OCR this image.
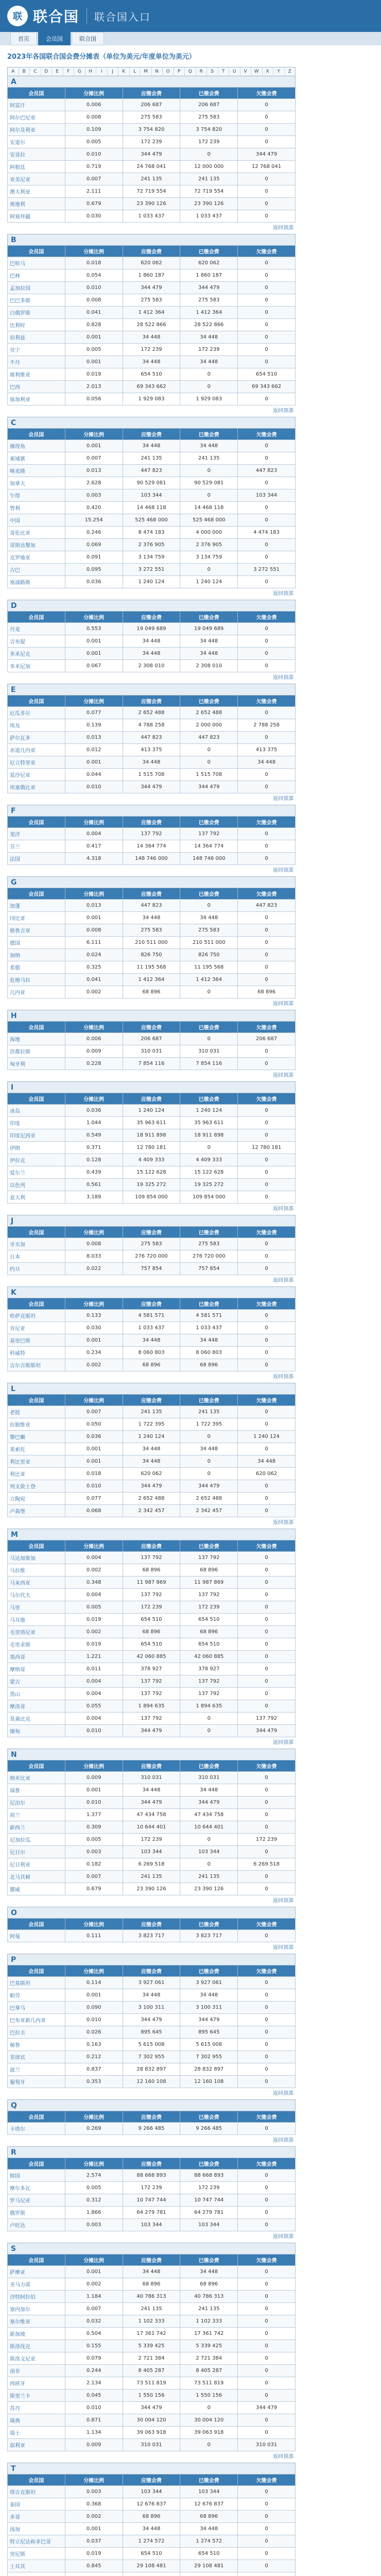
联 联合国 联合国入口
首页	会员国	联合国
2023年各国联合国会费分摊表（单位为美元/年度单位为美元）
A	B	C	D	E	F	G	H	I	J	K	L	M	N	O	P	Q	R	S	T	U	V	W	X	Y	Z
A
会员国	分摊比例	应缴会费	已缴会费	欠缴会费
阿富汗	0.006	206 687	206 687	0
阿尔巴尼亚	0.008	275 583	275 583	0
阿尔及利亚	0.109	3 754 820	3 754 820	0
安道尔	0.005	172 239	172 239	0
安哥拉	0.010	344 479	0	344 479
阿根廷	0.719	24 768 041	12 000 000	12 768 041
亚美尼亚	0.007	241 135	241 135	0
澳大利亚	2.111	72 719 554	72 719 554	0
奥地利	0.679	23 390 126	23 390 126	0
阿塞拜疆	0.030	1 033 437	1 033 437	0
返回顶部
B
会员国	分摊比例	应缴会费	已缴会费	欠缴会费
巴哈马	0.018	620 062	620 062	0
巴林	0.054	1 860 187	1 860 187	0
孟加拉国	0.010	344 479	344 479	0
巴巴多斯	0.008	275 583	275 583	0
白俄罗斯	0.041	1 412 364	1 412 364	0
比利时	0.828	28 522 866	28 522 866	0
伯利兹	0.001	34 448	34 448	0
贝宁	0.005	172 239	172 239	0
不丹	0.001	34 448	34 448	0
玻利维亚	0.019	654 510	0	654 510
巴西	2.013	69 343 662	0	69 343 662
保加利亚	0.056	1 929 083	1 929 083	0
返回顶部
C
会员国	分摊比例	应缴会费	已缴会费	欠缴会费
佛得角	0.001	34 448	34 448	0
柬埔寨	0.007	241 135	241 135	0
喀麦隆	0.013	447 823	0	447 823
加拿大	2.628	90 529 081	90 529 081	0
乍得	0.003	103 344	0	103 344
智利	0.420	14 468 118	14 468 118	0
中国	15.254	525 468 000	525 468 000	0
哥伦比亚	0.246	8 474 183	4 000 000	4 474 183
哥斯达黎加	0.069	2 376 905	2 376 905	0
克罗地亚	0.091	3 134 759	3 134 759	0
古巴	0.095	3 272 551	0	3 272 551
塞浦路斯	0.036	1 240 124	1 240 124	0
返回顶部
D
会员国	分摊比例	应缴会费	已缴会费	欠缴会费
丹麦	0.553	19 049 689	19 049 689	0
吉布提	0.001	34 448	34 448	0
多米尼克	0.001	34 448	34 448	0
多米尼加	0.067	2 308 010	2 308 010	0
返回顶部
E
会员国	分摊比例	应缴会费	已缴会费	欠缴会费
厄瓜多尔	0.077	2 652 488	2 652 488	0
埃及	0.139	4 788 258	2 000 000	2 788 258
萨尔瓦多	0.013	447 823	447 823	0
赤道几内亚	0.012	413 375	0	413 375
厄立特里亚	0.001	34 448	0	34 448
爱沙尼亚	0.044	1 515 708	1 515 708	0
埃塞俄比亚	0.010	344 479	344 479	0
返回顶部
F
会员国	分摊比例	应缴会费	已缴会费	欠缴会费
斐济	0.004	137 792	137 792	0
芬兰	0.417	14 364 774	14 364 774	0
法国	4.318	148 746 000	148 746 000	0
返回顶部
G
会员国	分摊比例	应缴会费	已缴会费	欠缴会费
加蓬	0.013	447 823	0	447 823
冈比亚	0.001	34 448	34 448	0
格鲁吉亚	0.008	275 583	275 583	0
德国	6.111	210 511 000	210 511 000	0
加纳	0.024	826 750	826 750	0
希腊	0.325	11 195 568	11 195 568	0
危地马拉	0.041	1 412 364	1 412 364	0
几内亚	0.002	68 896	0	68 896
返回顶部
H
会员国	分摊比例	应缴会费	已缴会费	欠缴会费
海地	0.006	206 687	0	206 687
洪都拉斯	0.009	310 031	310 031	0
匈牙利	0.228	7 854 116	7 854 116	0
返回顶部
I
会员国	分摊比例	应缴会费	已缴会费	欠缴会费
冰岛	0.036	1 240 124	1 240 124	0
印度	1.044	35 963 611	35 963 611	0
印度尼西亚	0.549	18 911 898	18 911 898	0
伊朗	0.371	12 780 181	0	12 780 181
伊拉克	0.128	4 409 333	4 409 333	0
爱尔兰	0.439	15 122 628	15 122 628	0
以色列	0.561	19 325 272	19 325 272	0
意大利	3.189	109 854 000	109 854 000	0
返回顶部
J
会员国	分摊比例	应缴会费	已缴会费	欠缴会费
牙买加	0.008	275 583	275 583	0
日本	8.033	276 720 000	276 720 000	0
约旦	0.022	757 854	757 854	0
返回顶部
K
会员国	分摊比例	应缴会费	已缴会费	欠缴会费
哈萨克斯坦	0.133	4 581 571	4 581 571	0
肯尼亚	0.030	1 033 437	1 033 437	0
基里巴斯	0.001	34 448	34 448	0
科威特	0.234	8 060 803	8 060 803	0
吉尔吉斯斯坦	0.002	68 896	68 896	0
返回顶部
L
会员国	分摊比例	应缴会费	已缴会费	欠缴会费
老挝	0.007	241 135	241 135	0
拉脱维亚	0.050	1 722 395	1 722 395	0
黎巴嫩	0.036	1 240 124	0	1 240 124
莱索托	0.001	34 448	34 448	0
利比里亚	0.001	34 448	0	34 448
利比亚	0.018	620 062	0	620 062
列支敦士登	0.010	344 479	344 479	0
立陶宛	0.077	2 652 488	2 652 488	0
卢森堡	0.068	2 342 457	2 342 457	0
返回顶部
M
会员国	分摊比例	应缴会费	已缴会费	欠缴会费
马达加斯加	0.004	137 792	137 792	0
马拉维	0.002	68 896	68 896	0
马来西亚	0.348	11 987 869	11 987 869	0
马尔代夫	0.004	137 792	137 792	0
马里	0.005	172 239	172 239	0
马耳他	0.019	654 510	654 510	0
毛里塔尼亚	0.002	68 896	68 896	0
毛里求斯	0.019	654 510	654 510	0
墨西哥	1.221	42 060 885	42 060 885	0
摩纳哥	0.011	378 927	378 927	0
蒙古	0.004	137 792	137 792	0
黑山	0.004	137 792	137 792	0
摩洛哥	0.055	1 894 635	1 894 635	0
莫桑比克	0.004	137 792	0	137 792
缅甸	0.010	344 479	0	344 479
返回顶部
N
会员国	分摊比例	应缴会费	已缴会费	欠缴会费
纳米比亚	0.009	310 031	310 031	0
瑙鲁	0.001	34 448	34 448	0
尼泊尔	0.010	344 479	344 479	0
荷兰	1.377	47 434 758	47 434 758	0
新西兰	0.309	10 644 401	10 644 401	0
尼加拉瓜	0.005	172 239	0	172 239
尼日尔	0.003	103 344	103 344	0
尼日利亚	0.182	6 269 518	0	6 269 518
北马其顿	0.007	241 135	241 135	0
挪威	0.679	23 390 126	23 390 126	0
返回顶部
O
会员国	分摊比例	应缴会费	已缴会费	欠缴会费
阿曼	0.111	3 823 717	3 823 717	0
返回顶部
P
会员国	分摊比例	应缴会费	已缴会费	欠缴会费
巴基斯坦	0.114	3 927 061	3 927 061	0
帕劳	0.001	34 448	34 448	0
巴拿马	0.090	3 100 311	3 100 311	0
巴布亚新几内亚	0.010	344 479	344 479	0
巴拉圭	0.026	895 645	895 645	0
秘鲁	0.163	5 615 008	5 615 008	0
菲律宾	0.212	7 302 955	7 302 955	0
波兰	0.837	28 832 897	28 832 897	0
葡萄牙	0.353	12 160 108	12 160 108	0
返回顶部
Q
会员国	分摊比例	应缴会费	已缴会费	欠缴会费
卡塔尔	0.269	9 266 485	9 266 485	0
返回顶部
R
会员国	分摊比例	应缴会费	已缴会费	欠缴会费
韩国	2.574	88 668 893	88 668 893	0
摩尔多瓦	0.005	172 239	172 239	0
罗马尼亚	0.312	10 747 744	10 747 744	0
俄罗斯	1.866	64 279 781	64 279 781	0
卢旺达	0.003	103 344	103 344	0
返回顶部
S
会员国	分摊比例	应缴会费	已缴会费	欠缴会费
萨摩亚	0.001	34 448	34 448	0
圣马力诺	0.002	68 896	68 896	0
沙特阿拉伯	1.184	40 786 313	40 786 313	0
塞内加尔	0.007	241 135	241 135	0
塞尔维亚	0.032	1 102 333	1 102 333	0
新加坡	0.504	17 361 742	17 361 742	0
斯洛伐克	0.155	5 339 425	5 339 425	0
斯洛文尼亚	0.079	2 721 384	2 721 384	0
南非	0.244	8 405 287	8 405 287	0
西班牙	2.134	73 511 819	73 511 819	0
斯里兰卡	0.045	1 550 156	1 550 156	0
苏丹	0.010	344 479	0	344 479
瑞典	0.871	30 004 120	30 004 120	0
瑞士	1.134	39 063 918	39 063 918	0
叙利亚	0.009	310 031	0	310 031
返回顶部
T
会员国	分摊比例	应缴会费	已缴会费	欠缴会费
塔吉克斯坦	0.003	103 344	103 344	0
泰国	0.368	12 676 837	12 676 837	0
多哥	0.002	68 896	68 896	0
汤加	0.001	34 448	34 448	0
特立尼达和多巴哥	0.037	1 274 572	1 274 572	0
突尼斯	0.019	654 510	654 510	0
土耳其	0.845	29 108 481	29 108 481	0
